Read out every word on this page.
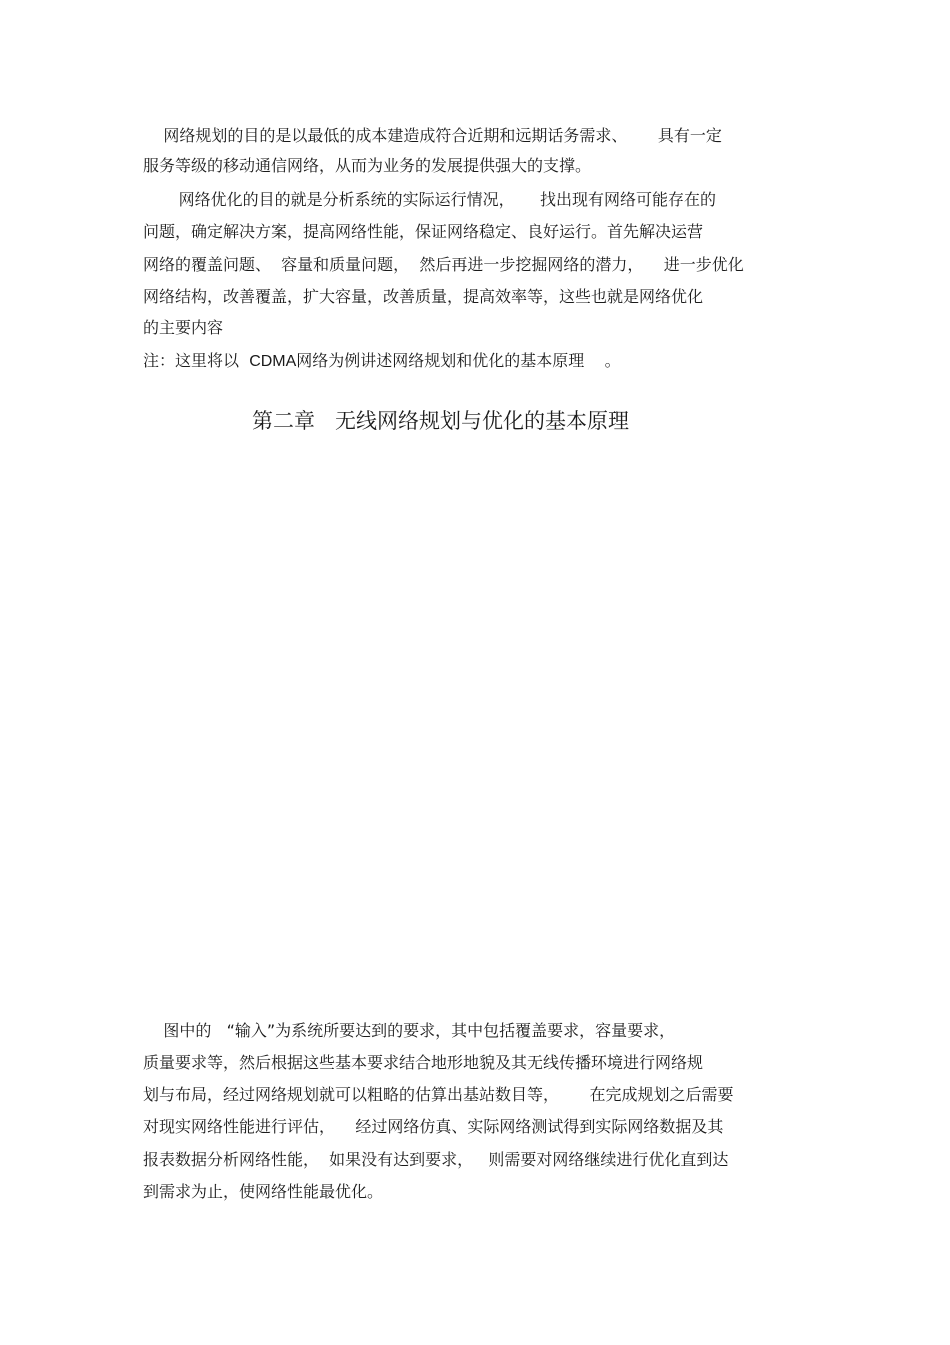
网络规划的目的是以最低的成本建造成符合近期和远期话务需求、      具有一定
服务等级的移动通信网络，从而为业务的发展提供强大的支撑。
网络优化的目的就是分析系统的实际运行情况，     找出现有网络可能存在的
问题，确定解决方案，提高网络性能，保证网络稳定、良好运行。首先解决运营
网络的覆盖问题、  容量和质量问题，  然后再进一步挖掘网络的潜力，    进一步优化
网络结构，改善覆盖，扩大容量，改善质量，提高效率等，这些也就是网络优化
的主要内容
注：这里将以  CDMA网络为例讲述网络规划和优化的基本原理    。
第二章   无线网络规划与优化的基本原理
图中的   “输入”为系统所要达到的要求，其中包括覆盖要求，容量要求，
质量要求等，然后根据这些基本要求结合地形地貌及其无线传播环境进行网络规
划与布局，经过网络规划就可以粗略的估算出基站数目等，      在完成规划之后需要
对现实网络性能进行评估，    经过网络仿真、实际网络测试得到实际网络数据及其
报表数据分析网络性能，  如果没有达到要求，   则需要对网络继续进行优化直到达
到需求为止，使网络性能最优化。
